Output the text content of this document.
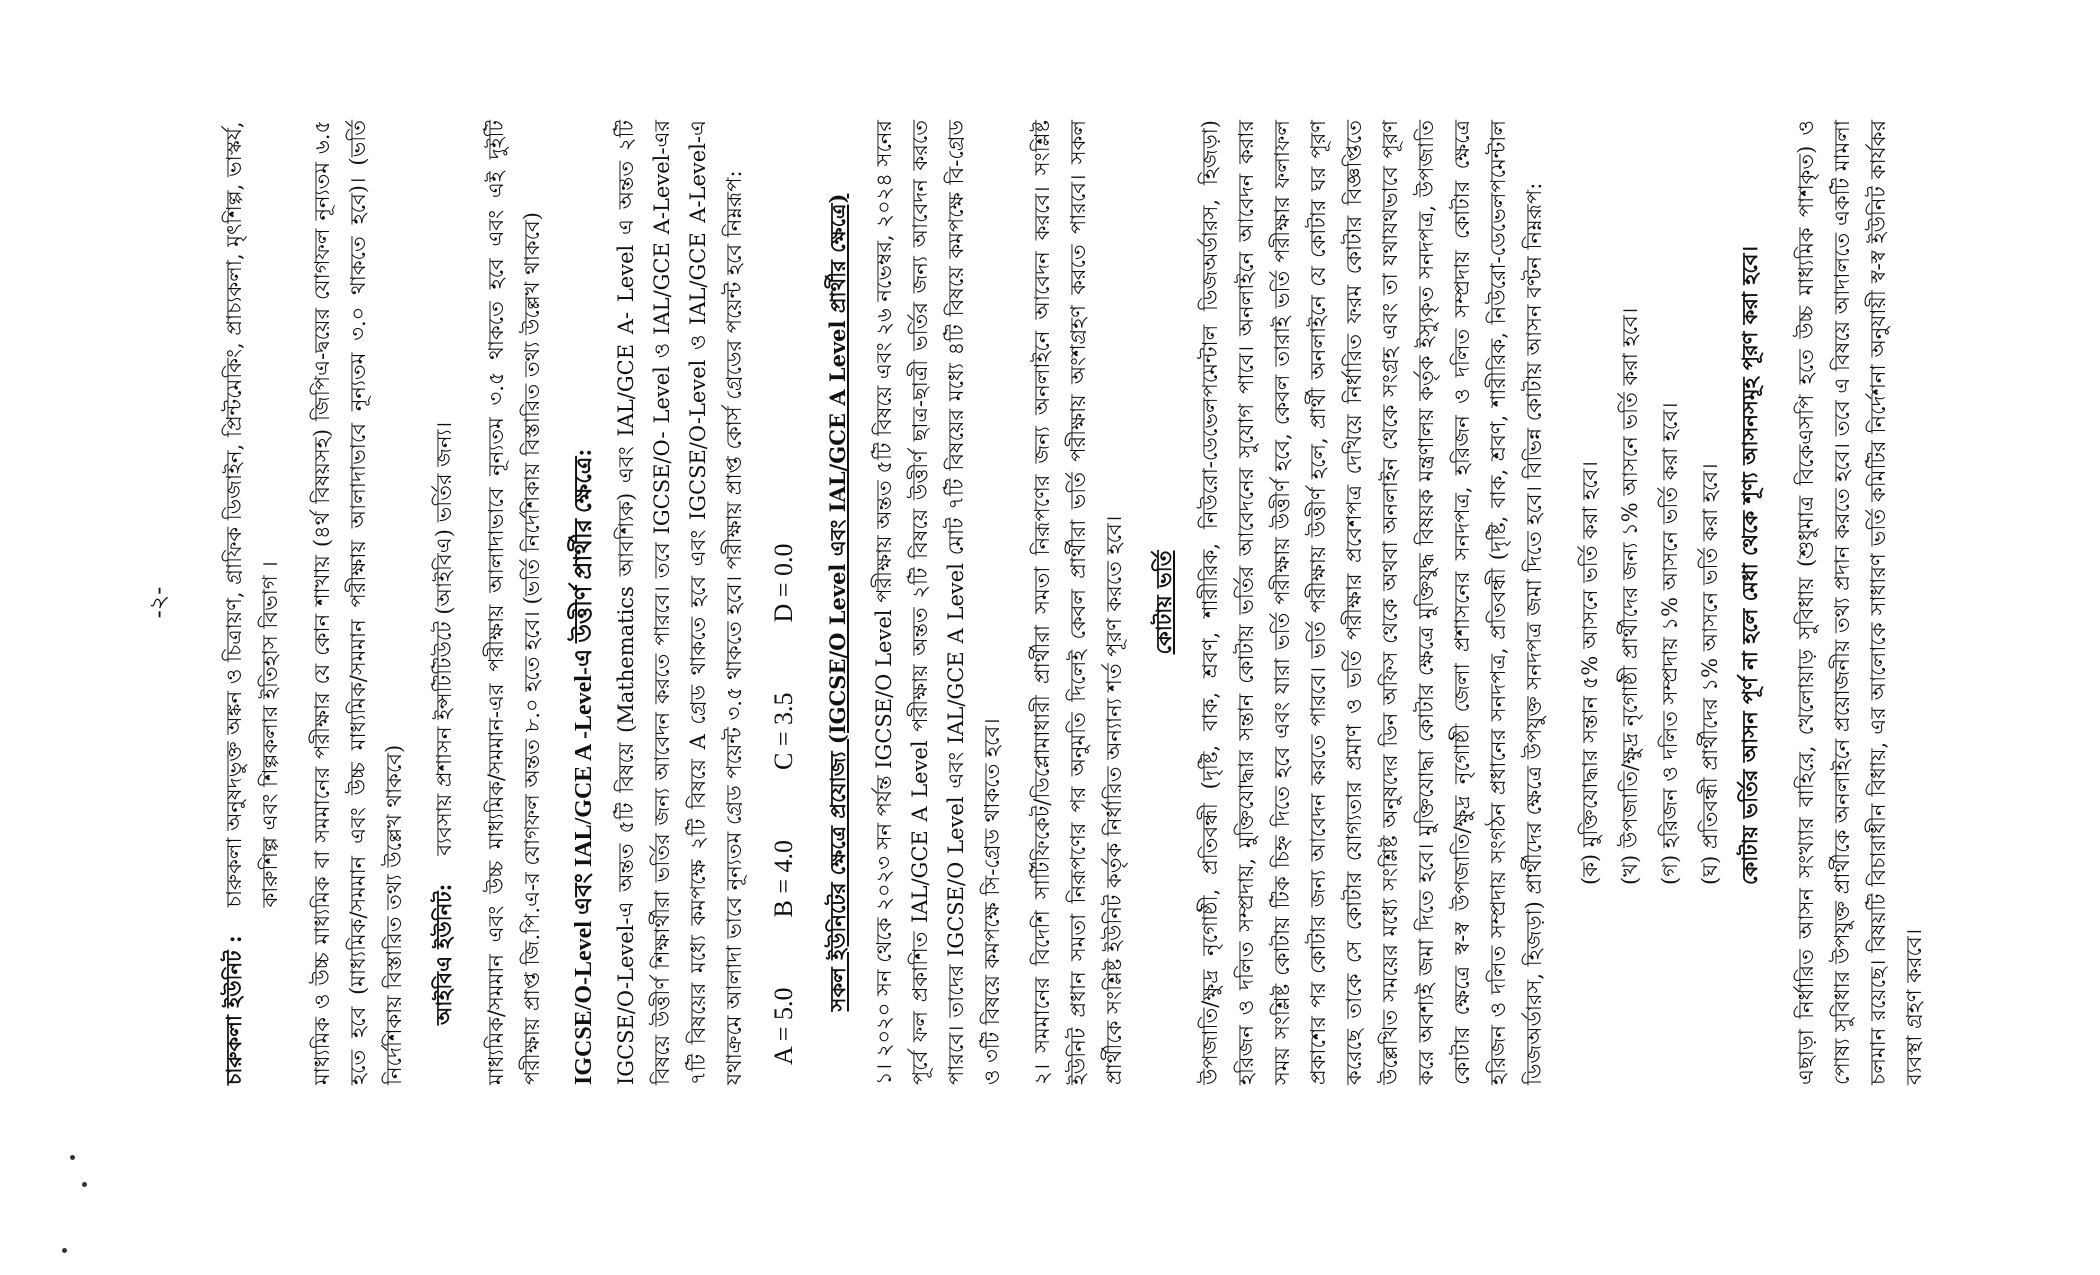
-২-
চারুকলা ইউনিট :
চারুকলা অনুষদভুক্ত অঙ্কন ও চিত্রায়ণ, গ্রাফিক ডিজাইন, প্রিন্টমেকিং, প্রাচ্যকলা, মৃৎশিল্প, ভাস্কর্য, কারুশিল্প এবং শিল্পকলার ইতিহাস বিভাগ । মাধ্যমিক ও উচ্চ মাধ্যমিক বা সমমানের পরীক্ষার যে কোন শাখায় (৪র্থ বিষয়সহ) জিপিএ-দ্বয়ের যোগফল নূন্যতম ৬.৫ হতে হবে (মাধ্যমিক/সমমান এবং উচ্চ মাধ্যমিক/সমমান পরীক্ষায় আলাদাভাবে নূন্যতম ৩.০ থাকতে হবে)। (ভর্তি নির্দেশিকায় বিস্তারিত তথ্য উল্লেখ থাকবে) আইবিএ ইউনিট:
ব্যবসায় প্রশাসন ইন্সটিটিউটে (আইবিএ) ভর্তির জন্য। মাধ্যমিক/সমমান এবং উচ্চ মাধ্যমিক/সমমান-এর পরীক্ষায় আলাদাভাবে নূন্যতম ৩.৫ থাকতে হবে এবং এই দুইটি পরীক্ষায় প্রাপ্ত জি.পি.এ-র যোগফল অন্তত ৮.০ হতে হবে। (ভর্তি নির্দেশিকায় বিস্তারিত তথ্য উল্লেখ থাকবে) IGCSE/O-Level এবং IAL/GCE A -Level-এ উত্তীর্ণ প্রার্থীর ক্ষেত্রে: IGCSE/O-Level-এ অন্তত ৫টি বিষয়ে (Mathematics আবশ্যিক) এবং IAL/GCE A- Level এ অন্তত ২টি বিষয়ে উত্তীর্ণ শিক্ষার্থীরা ভর্তির জন্য আবেদন করতে পারবে। তবে IGCSE/O- Level ও IAL/GCE A-Level-এর ৭টি বিষয়ের মধ্যে কমপক্ষে ২টি বিষয়ে A গ্রেড থাকতে হবে এবং IGCSE/O-Level ও IAL/GCE A-Level-এ যথাক্রমে আলাদা ভাবে নূন্যতম গ্রেড পয়েন্ট ৩.৫ থাকতে হবে। পরীক্ষায় প্রাপ্ত কোর্স গ্রেডের পয়েন্ট হবে নিম্নরূপ: A = 5.0
B = 4.0
C = 3.5
D = 0.0 সকল ইউনিটের ক্ষেত্রে প্রযোজ্য (IGCSE/O Level এবং IAL/GCE A Level প্রার্থীর ক্ষেত্রে) ১। ২০২০ সন থেকে ২০২৩ সন পর্যন্ত IGCSE/O Level পরীক্ষায় অন্তত ৫টি বিষয়ে এবং ২৬ নভেম্বর, ২০২৪ সনের পূর্বে ফল প্রকাশিত IAL/GCE A Level পরীক্ষায় অন্তত ২টি বিষয়ে উত্তীর্ণ ছাত্র-ছাত্রী ভর্তির জন্য আবেদন করতে পারবে। তাদের IGCSE/O Level এবং IAL/GCE A Level মোট ৭টি বিষয়ের মধ্যে ৪টি বিষয়ে কমপক্ষে বি-গ্রেড ও ৩টি বিষয়ে কমপক্ষে সি-গ্রেড থাকতে হবে। ২। সমমানের বিদেশি সার্টিফিকেট/ডিপ্লোমাধারী প্রার্থীরা সমতা নিরূপণের জন্য অনলাইনে আবেদন করবে। সংশ্লিষ্ট ইউনিট প্রধান সমতা নিরূপণের পর অনুমতি দিলেই কেবল প্রার্থীরা ভর্তি পরীক্ষায় অংশগ্রহণ করতে পারবে। সকল প্রার্থীকে সংশ্লিষ্ট ইউনিট কর্তৃক নির্ধারিত অন্যান্য শর্ত পূরণ করতে হবে। কোটায় ভর্তি উপজাতি/ক্ষুদ্র নৃগোষ্ঠী, প্রতিবন্ধী (দৃষ্টি, বাক, শ্রবণ, শারীরিক, নিউরো-ডেভেলপমেন্টাল ডিজঅর্ডারস, হিজড়া) হরিজন ও দলিত সম্প্রদায়, মুক্তিযোদ্ধার সন্তান কোটায় ভর্তির আবেদনের সুযোগ পাবে। অনলাইনে আবেদন করার সময় সংশ্লিষ্ট কোটায় টিক চিহ্ন দিতে হবে এবং যারা ভর্তি পরীক্ষায় উত্তীর্ণ হবে, কেবল তারাই ভর্তি পরীক্ষার ফলাফল প্রকাশের পর কোটার জন্য আবেদন করতে পারবে। ভর্তি পরীক্ষায় উত্তীর্ণ হলে, প্রার্থী অনলাইনে যে কোটার ঘর পূরণ করেছে তাকে সে কোটার যোগ্যতার প্রমাণ ও ভর্তি পরীক্ষার প্রবেশপত্র দেখিয়ে নির্ধারিত ফরম কোটার বিজ্ঞপ্তিতে উল্লেখিত সময়ের মধ্যে সংশ্লিষ্ট অনুষদের ডিন অফিস থেকে অথবা অনলাইন থেকে সংগ্রহ এবং তা যথাযথভাবে পূরণ করে অবশ্যই জমা দিতে হবে। মুক্তিযোদ্ধা কোটার ক্ষেত্রে মুক্তিযুদ্ধ বিষয়ক মন্ত্রণালয় কর্তৃক ইস্যুকৃত সনদপত্র, উপজাতি কোটার ক্ষেত্রে স্ব-স্ব উপজাতি/ক্ষুদ্র নৃগোষ্ঠী জেলা প্রশাসনের সনদপত্র, হরিজন ও দলিত সম্প্রদায় কোটার ক্ষেত্রে হরিজন ও দলিত সম্প্রদায় সংগঠন প্রধানের সনদপত্র, প্রতিবন্ধী (দৃষ্টি, বাক, শ্রবণ, শারীরিক, নিউরো-ডেভেলপমেন্টাল ডিজঅর্ডারস, হিজড়া) প্রার্থীদের ক্ষেত্রে উপযুক্ত সনদপত্র জমা দিতে হবে। বিভিন্ন কোটায় আসন বণ্টন নিম্নরূপ:	(ক) মুক্তিযোদ্ধার সন্তান ৫% আসনে ভর্তি করা হবে। (খ) উপজাতি/ক্ষুদ্র নৃগোষ্ঠী প্রার্থীদের জন্য ১% আসনে ভর্তি করা হবে। (গ) হরিজন ও দলিত সম্প্রদায় ১% আসনে ভর্তি করা হবে। (ঘ) প্রতিবন্ধী প্রার্থীদের ১% আসনে ভর্তি করা হবে। কোটায় ভর্তির আসন পূর্ণ না হলে মেধা থেকে শূণ্য আসনসমূহ পূরণ করা হবে।	এছাড়া নির্ধারিত আসন সংখ্যার বাহিরে, খেলোয়াড় সুবিধায় (শুধুমাত্র বিকেএসপি হতে উচ্চ মাধ্যমিক পাশকৃত) ও পোষ্য সুবিধার উপযুক্ত প্রার্থীকে অনলাইনে প্রয়োজনীয় তথ্য প্রদান করতে হবে। তবে এ বিষয়ে আদালতে একটি মামলা চলমান রয়েছে। বিষয়টি বিচারাধীন বিধায়, এর আলোকে সাধারণ ভর্তি কমিটির নির্দেশনা অনুযায়ী স্ব-স্ব ইউনিট কার্যকর ব্যবস্থা গ্রহণ করবে।
